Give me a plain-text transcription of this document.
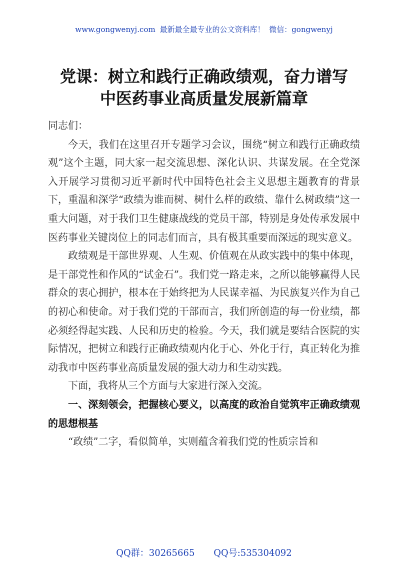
www.gongwenyj.com 最新最全最专业的公文资料库！ 微信：gongwenyj
党课：树立和践行正确政绩观，奋力谱写
中医药事业高质量发展新篇章

同志们：

今天，我们在这里召开专题学习会议，围绕“树立和践行正确政绩观”这个主题，同大家一起交流思想、深化认识、共谋发展。在全党深入开展学习贯彻习近平新时代中国特色社会主义思想主题教育的背景下，重温和深学“政绩为谁而树、树什么样的政绩、靠什么树政绩”这一重大问题，对于我们卫生健康战线的党员干部，特别是身处传承发展中医药事业关键岗位上的同志们而言，具有极其重要而深远的现实意义。

政绩观是干部世界观、人生观、价值观在从政实践中的集中体现，是干部党性和作风的“试金石”。我们党一路走来，之所以能够赢得人民群众的衷心拥护，根本在于始终把为人民谋幸福、为民族复兴作为自己的初心和使命。对于我们党的干部而言，我们所创造的每一份业绩，都必须经得起实践、人民和历史的检验。今天，我们就是要结合医院的实际情况，把树立和践行正确政绩观内化于心、外化于行，真正转化为推动我市中医药事业高质量发展的强大动力和生动实践。

下面，我将从三个方面与大家进行深入交流。

一、深刻领会，把握核心要义，以高度的政治自觉筑牢正确政绩观的思想根基

“政绩”二字，看似简单，实则蕴含着我们党的性质宗旨和

QQ群：30265665 QQ号:535304092
